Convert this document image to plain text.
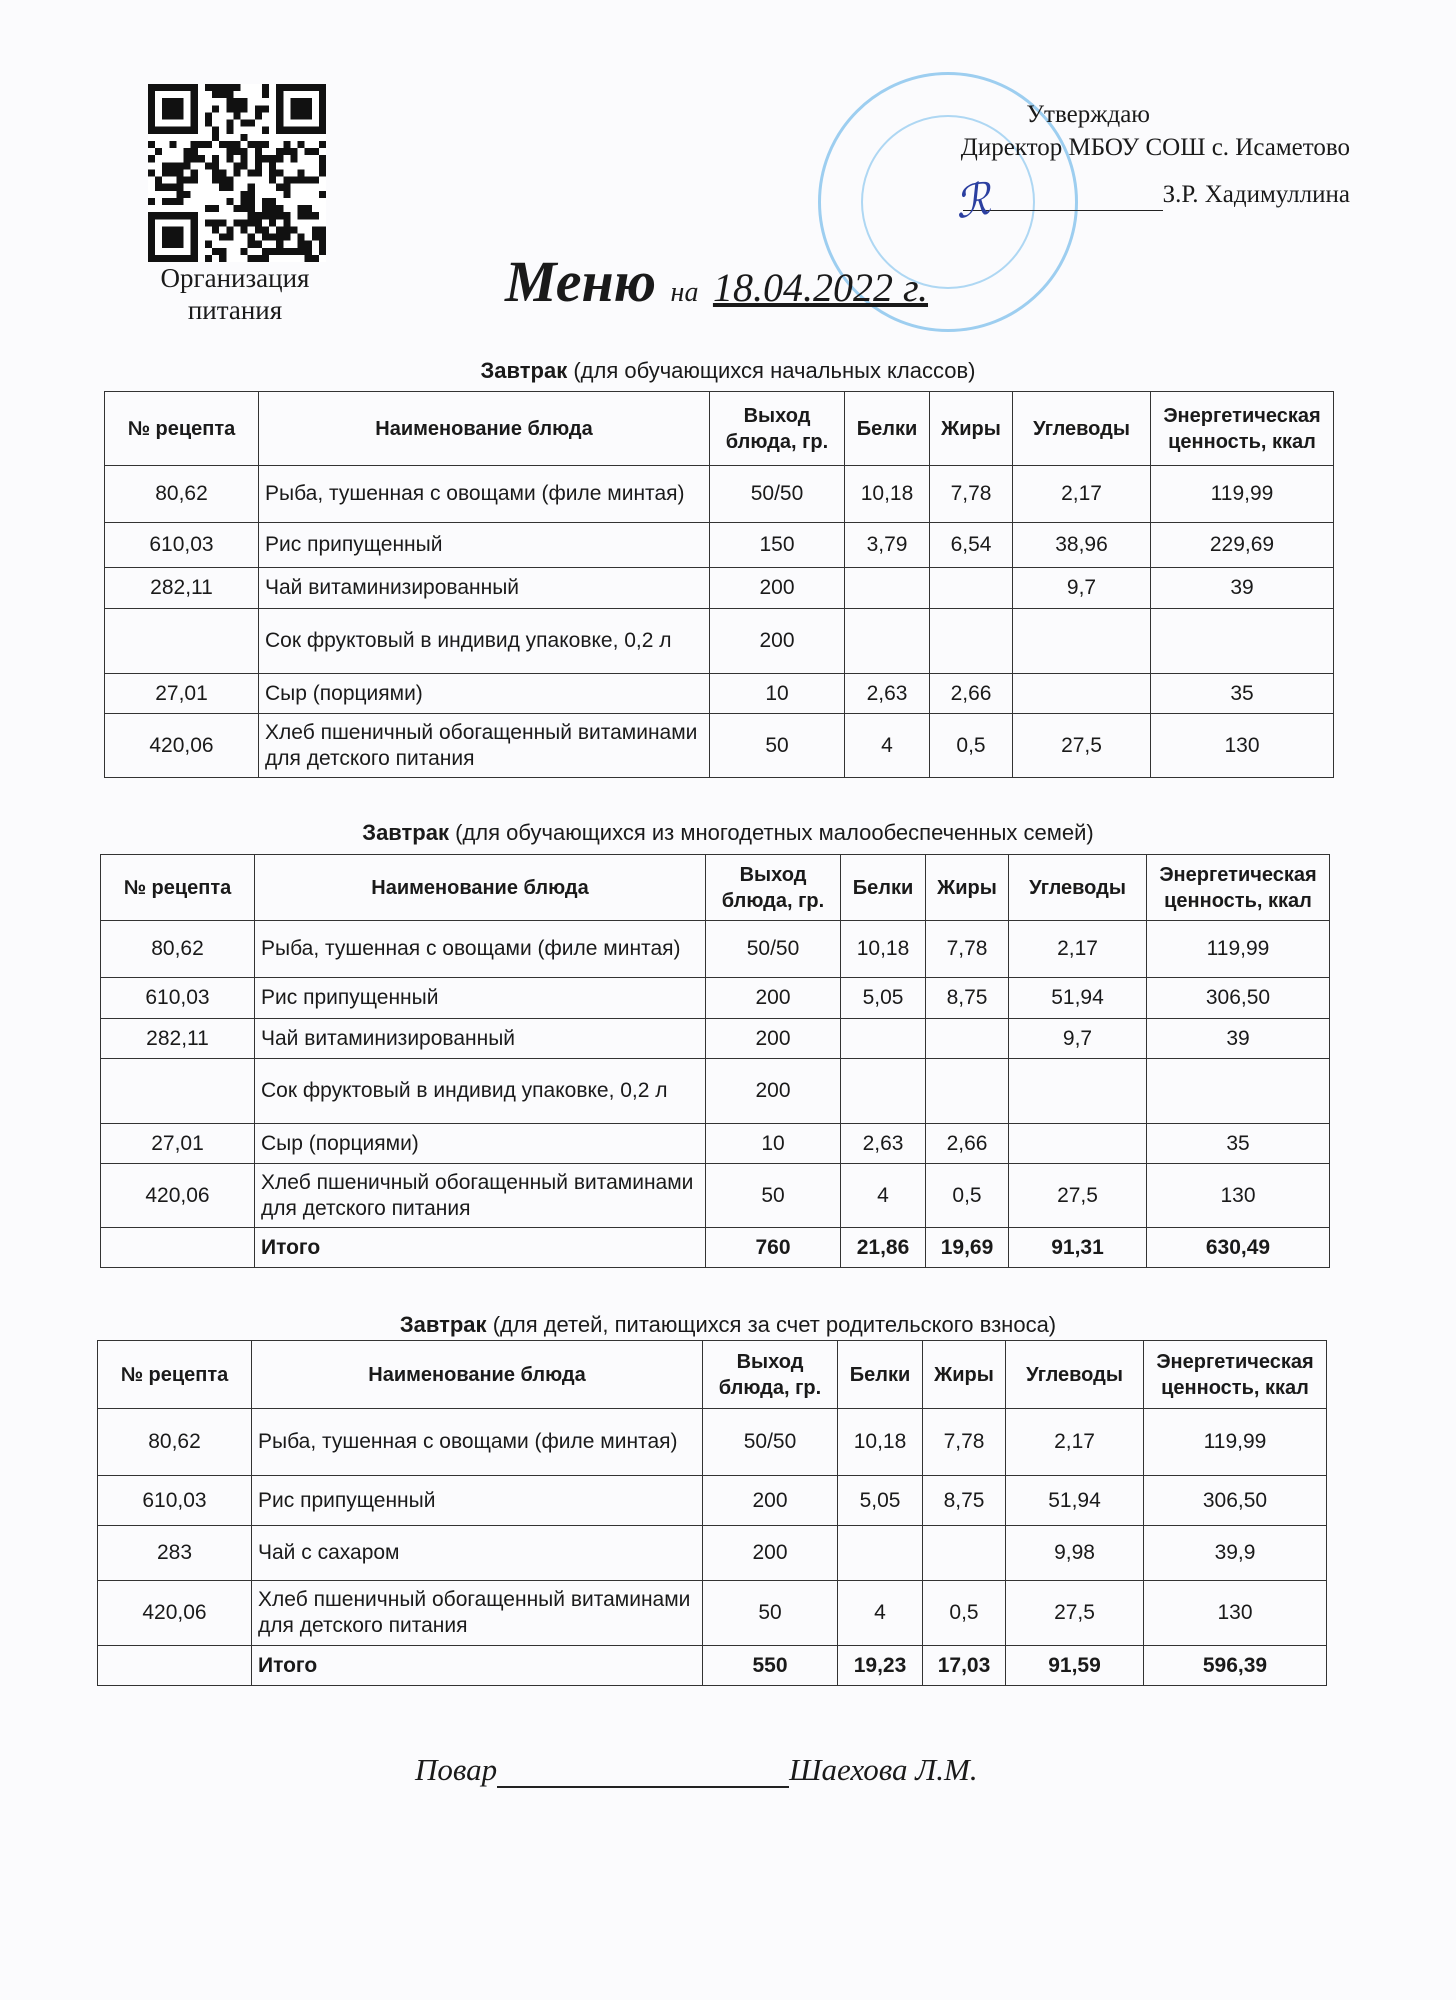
Организация
питания
Утверждаю
Директор МБОУ СОШ с. Исаметово
З.Р. Хадимуллина
ℛ
Меню на 18.04.2022 г.
Завтрак (для обучающихся начальных классов)
№ рецепта	Наименование блюда	Выход блюда, гр.	Белки	Жиры	Углеводы	Энергетическая ценность, ккал
80,62	Рыба, тушенная с овощами (филе минтая)	50/50	10,18	7,78	2,17	119,99
610,03	Рис припущенный	150	3,79	6,54	38,96	229,69
282,11	Чай витаминизированный	200			9,7	39
	Сок фруктовый в индивид упаковке, 0,2 л	200				
27,01	Сыр (порциями)	10	2,63	2,66		35
420,06	Хлеб пшеничный обогащенный витаминами для детского питания	50	4	0,5	27,5	130
Завтрак (для обучающихся из многодетных малообеспеченных семей)
№ рецепта	Наименование блюда	Выход блюда, гр.	Белки	Жиры	Углеводы	Энергетическая ценность, ккал
80,62	Рыба, тушенная с овощами (филе минтая)	50/50	10,18	7,78	2,17	119,99
610,03	Рис припущенный	200	5,05	8,75	51,94	306,50
282,11	Чай витаминизированный	200			9,7	39
	Сок фруктовый в индивид упаковке, 0,2 л	200				
27,01	Сыр (порциями)	10	2,63	2,66		35
420,06	Хлеб пшеничный обогащенный витаминами для детского питания	50	4	0,5	27,5	130
	Итого	760	21,86	19,69	91,31	630,49
Завтрак (для детей, питающихся за счет родительского взноса)
№ рецепта	Наименование блюда	Выход блюда, гр.	Белки	Жиры	Углеводы	Энергетическая ценность, ккал
80,62	Рыба, тушенная с овощами (филе минтая)	50/50	10,18	7,78	2,17	119,99
610,03	Рис припущенный	200	5,05	8,75	51,94	306,50
283	Чай с сахаром	200			9,98	39,9
420,06	Хлеб пшеничный обогащенный витаминами для детского питания	50	4	0,5	27,5	130
	Итого	550	19,23	17,03	91,59	596,39
Повар	Шаехова Л.М.
